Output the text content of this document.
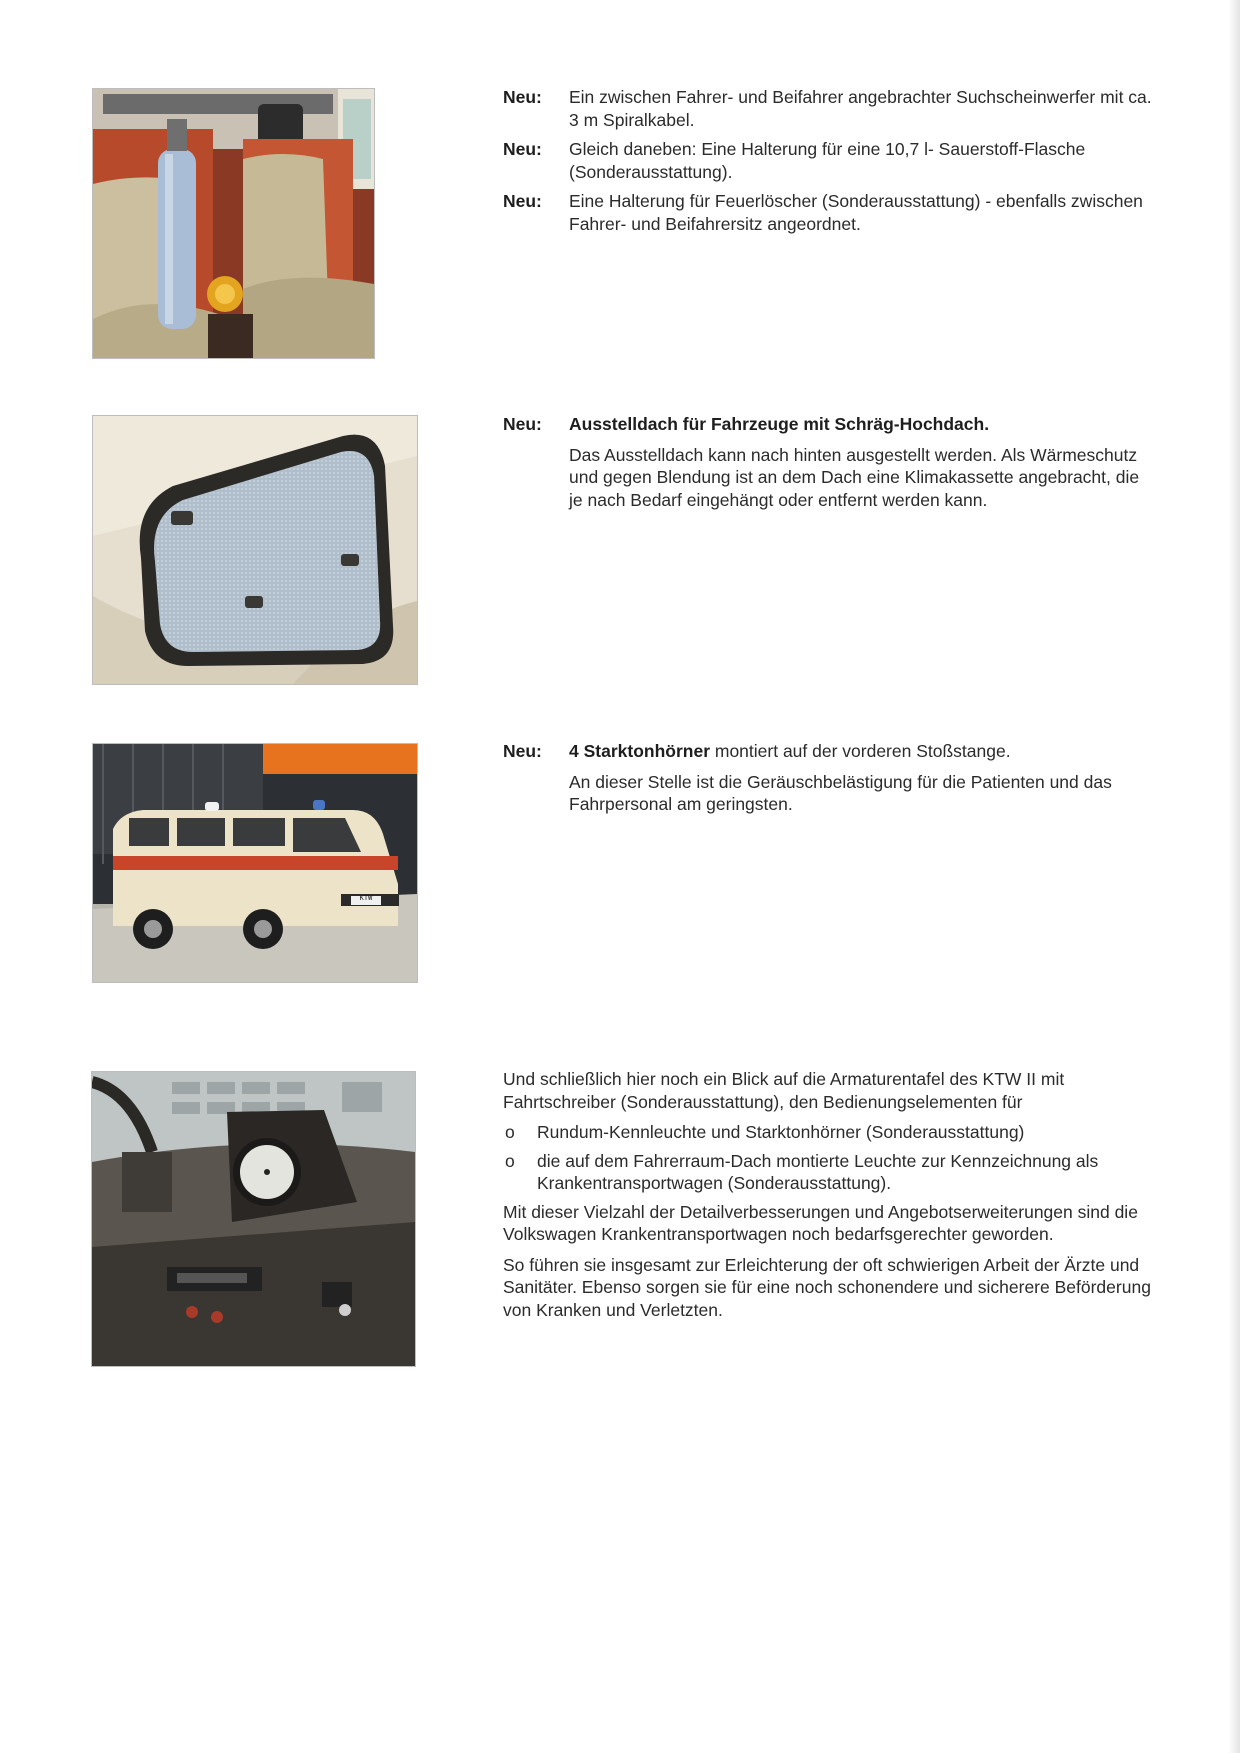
KTW
Neu:	Ein zwischen Fahrer- und Beifahrer angebrachter Suchscheinwerfer mit ca. 3 m Spiralkabel.
Neu:	Gleich daneben: Eine Halterung für eine 10,7 l- Sauerstoff-Flasche (Sonderausstattung).
Neu:	Eine Halterung für Feuerlöscher (Sonderausstattung) - ebenfalls zwischen Fahrer- und Beifahrersitz angeordnet.
Neu:	Ausstelldach für Fahrzeuge mit Schräg-Hochdach.
Das Ausstelldach kann nach hinten ausgestellt werden. Als Wärmeschutz und gegen Blendung ist an dem Dach eine Klimakassette angebracht, die je nach Bedarf eingehängt oder entfernt werden kann.
Neu:	4 Starktonhörner montiert auf der vorderen Stoßstange.
An dieser Stelle ist die Geräuschbelästigung für die Patienten und das Fahrpersonal am geringsten.

Und schließlich hier noch ein Blick auf die Armaturentafel des KTW II mit Fahrtschreiber (Sonderausstattung), den Bedienungselementen für

o	Rundum-Kennleuchte und Starktonhörner (Sonderausstattung)
o	die auf dem Fahrerraum-Dach montierte Leuchte zur Kennzeichnung als Krankentransportwagen (Sonderausstattung).

Mit dieser Vielzahl der Detailverbesserungen und Angebotserweiterungen sind die Volkswagen Krankentransportwagen noch bedarfsgerechter geworden.

So führen sie insgesamt zur Erleichterung der oft schwierigen Arbeit der Ärzte und Sanitäter. Ebenso sorgen sie für eine noch schonendere und sicherere Beförderung von Kranken und Verletzten.
